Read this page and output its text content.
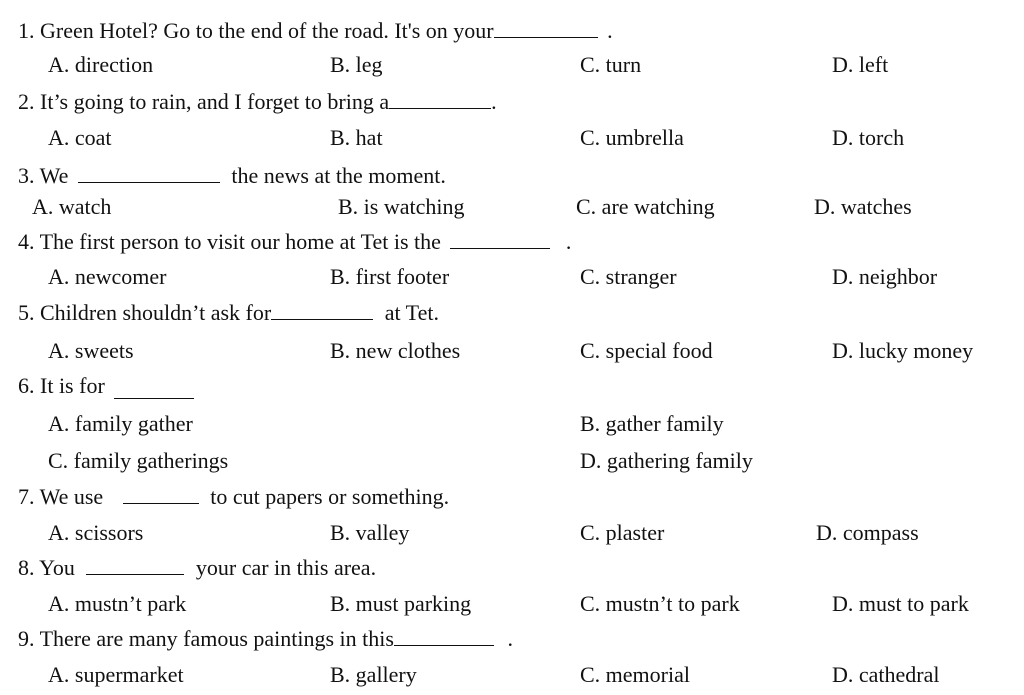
1. Green Hotel? Go to the end of the road. It's on your	.
A. direction	B. leg	C. turn	D. left
2. It’s going to rain, and I forget to bring a	.
A. coat	B. hat	C. umbrella	D. torch
3. We	the news at the moment.
A. watch	B. is watching	C. are watching	D. watches
4. The first person to visit our home at Tet is the	.
A. newcomer	B. first footer	C. stranger	D. neighbor
5. Children shouldn’t ask for	at Tet.
A. sweets	B. new clothes	C. special food	D. lucky money
6. It is for
A. family gather	B. gather family
C. family gatherings	D. gathering family
7. We use	to cut papers or something.
A. scissors	B. valley	C. plaster	D. compass
8. You	your car in this area.
A. mustn’t park	B. must parking	C. mustn’t to park	D. must to park
9. There are many famous paintings in this	.
A. supermarket	B. gallery	C. memorial	D. cathedral
